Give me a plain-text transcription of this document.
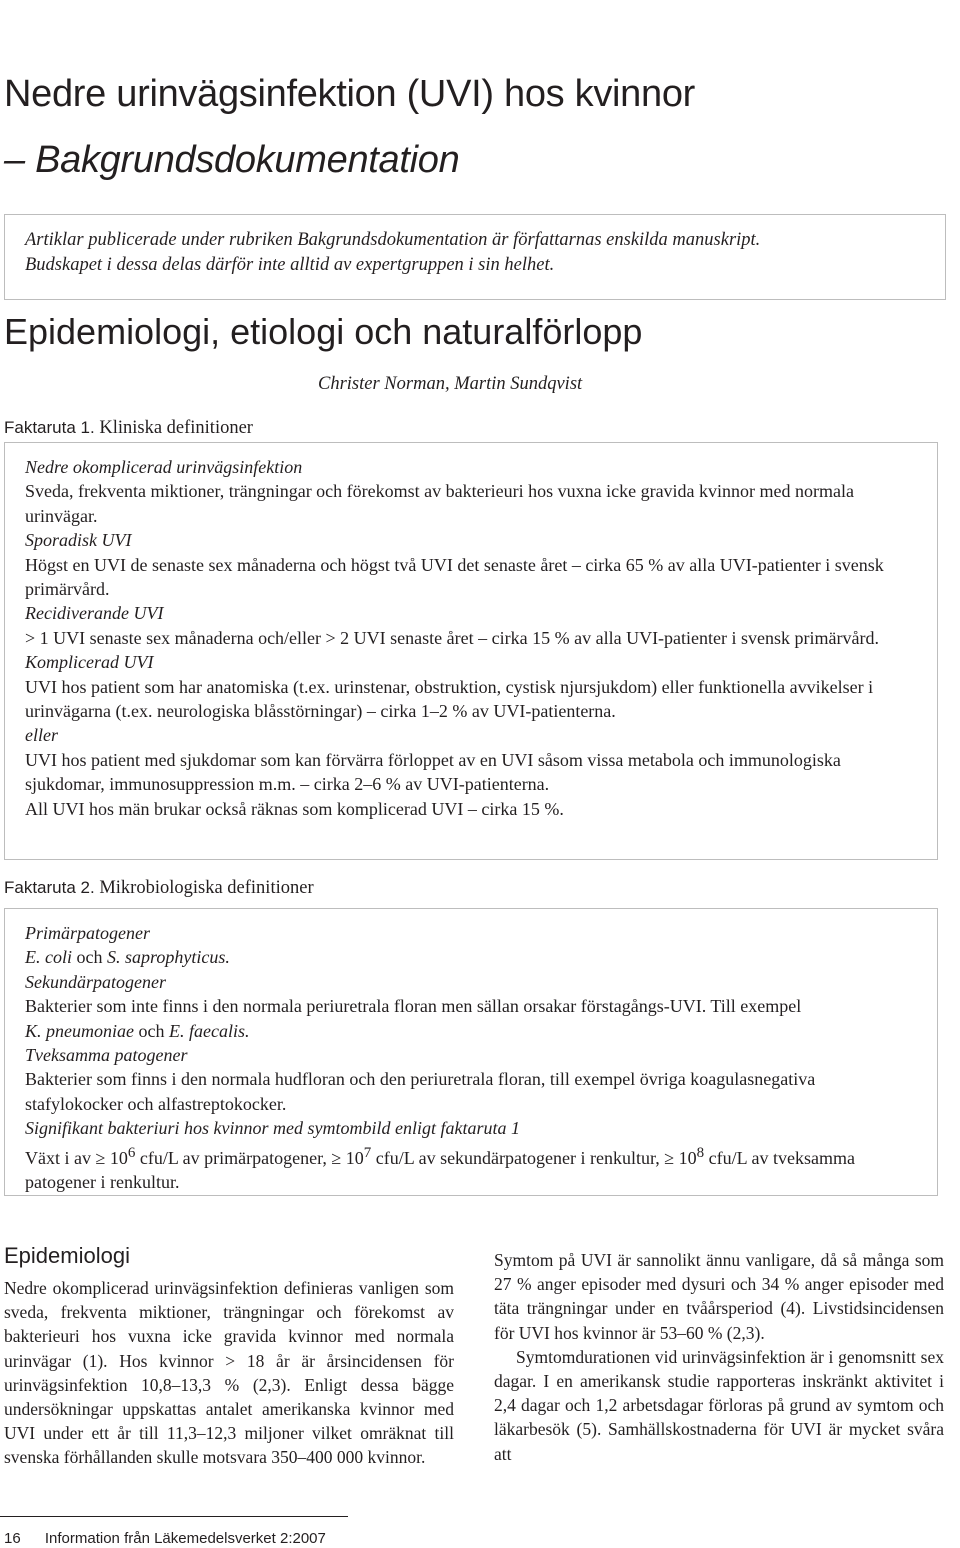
Nedre urinvägsinfektion (UVI) hos kvinnor
– Bakgrundsdokumentation
Artiklar publicerade under rubriken Bakgrundsdokumentation är författarnas enskilda manuskript.
Budskapet i dessa delas därför inte alltid av expertgruppen i sin helhet.
Epidemiologi, etiologi och naturalförlopp
Christer Norman, Martin Sundqvist
Faktaruta 1. Kliniska definitioner

Nedre okomplicerad urinvägsinfektion

Sveda, frekventa miktioner, trängningar och förekomst av bakterieuri hos vuxna icke gravida kvinnor med normala urinvägar.

Sporadisk UVI

Högst en UVI de senaste sex månaderna och högst två UVI det senaste året – cirka 65 % av alla UVI-patienter i svensk primärvård.

Recidiverande UVI

> 1 UVI senaste sex månaderna och/eller > 2 UVI senaste året – cirka 15 % av alla UVI-patienter i svensk primärvård.

Komplicerad UVI

UVI hos patient som har anatomiska (t.ex. urinstenar, obstruktion, cystisk njursjukdom) eller funktionella avvikelser i urinvägarna (t.ex. neurologiska blåsstörningar) – cirka 1–2 % av UVI-patienterna.

eller

UVI hos patient med sjukdomar som kan förvärra förloppet av en UVI såsom vissa metabola och immunologiska sjukdomar, immunosuppression m.m. – cirka 2–6 % av UVI-patienterna.

All UVI hos män brukar också räknas som komplicerad UVI – cirka 15 %.

Faktaruta 2. Mikrobiologiska definitioner

Primärpatogener

E. coli och S. saprophyticus.

Sekundärpatogener

Bakterier som inte finns i den normala periuretrala floran men sällan orsakar förstagångs-UVI. Till exempel

K. pneumoniae och E. faecalis.

Tveksamma patogener

Bakterier som finns i den normala hudfloran och den periuretrala floran, till exempel övriga koagulasnegativa stafylokocker och alfastreptokocker.

Signifikant bakteriuri hos kvinnor med symtombild enligt faktaruta 1

Växt i av ≥ $10^6$ cfu/L av primärpatogener, ≥ $10^7$ cfu/L av sekundärpatogener i renkultur, ≥ $10^8$ cfu/L av tveksamma patogener i renkultur.

Epidemiologi

Nedre okomplicerad urinvägsinfektion definieras vanligen som sveda, frekventa miktioner, trängningar och förekomst av bakterieuri hos vuxna icke gravida kvinnor med normala urinvägar (1). Hos kvinnor > 18 år är årsincidensen för urinvägsinfektion 10,8–13,3 % (2,3). Enligt dessa bägge undersökningar uppskattas antalet amerikanska kvinnor med UVI under ett år till 11,3–12,3 miljoner vilket omräknat till svenska förhållanden skulle motsvara 350–400 000 kvinnor.

Symtom på UVI är sannolikt ännu vanligare, då så många som 27 % anger episoder med dysuri och 34 % anger episoder med täta trängningar under en tvåårsperiod (4). Livstidsincidensen för UVI hos kvinnor är 53–60 % (2,3).

Symtomdurationen vid urinvägsinfektion är i genomsnitt sex dagar. I en amerikansk studie rapporteras inskränkt aktivitet i 2,4 dagar och 1,2 arbetsdagar förloras på grund av symtom och läkarbesök (5). Samhällskostnaderna för UVI är mycket svåra att

16 Information från Läkemedelsverket 2:2007
